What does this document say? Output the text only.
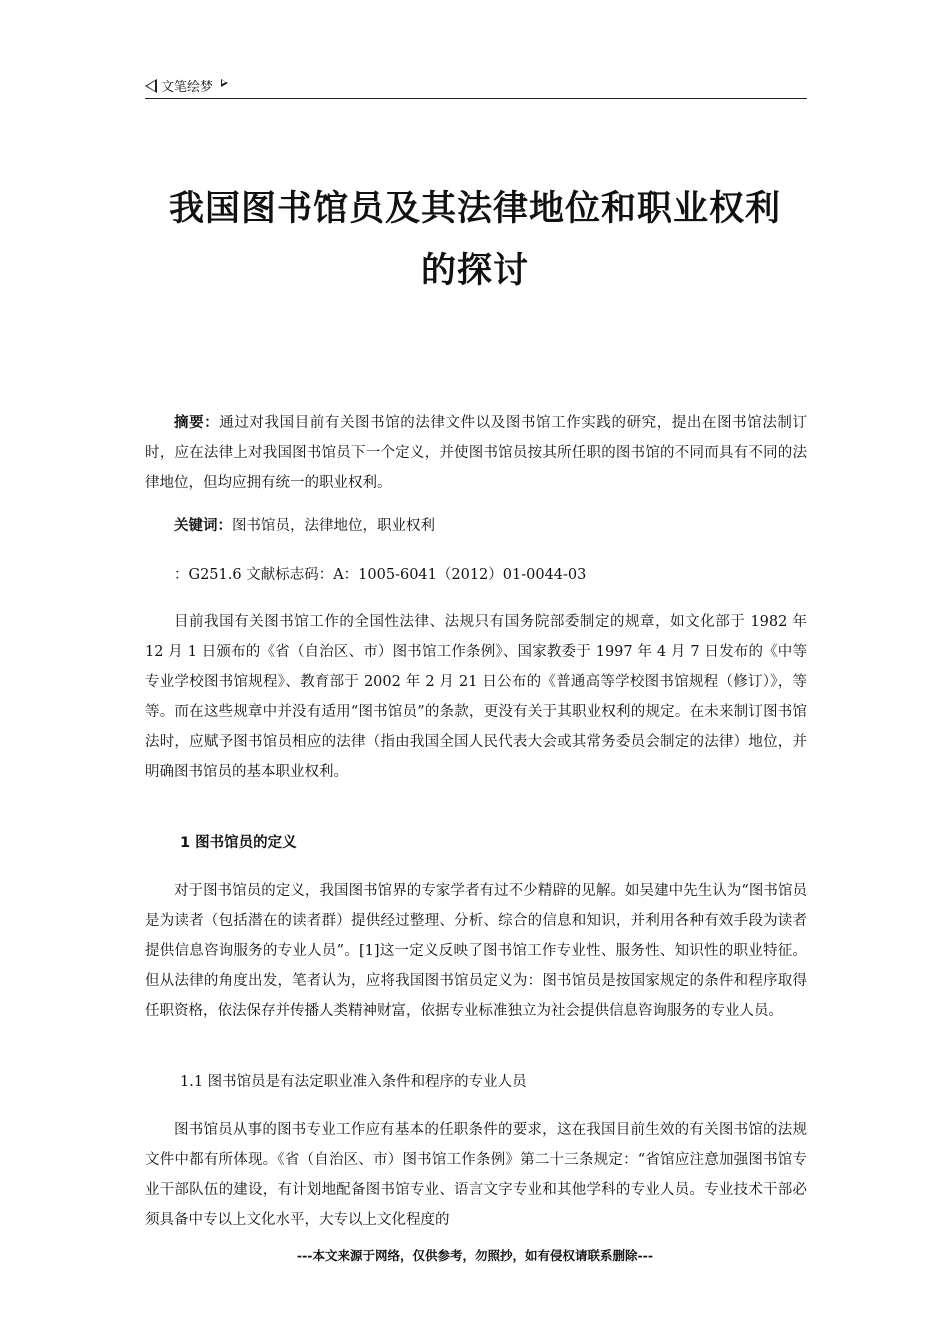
文笔绘梦
我国图书馆员及其法律地位和职业权利
的探讨

摘要：通过对我国目前有关图书馆的法律文件以及图书馆工作实践的研究，提出在图书馆法制订时，应在法律上对我国图书馆员下一个定义，并使图书馆员按其所任职的图书馆的不同而具有不同的法律地位，但均应拥有统一的职业权利。

关键词：图书馆员，法律地位，职业权利

：G251.6 文献标志码：A：1005-6041（2012）01-0044-03

目前我国有关图书馆工作的全国性法律、法规只有国务院部委制定的规章，如文化部于 1982 年 12 月 1 日颁布的《省（自治区、市）图书馆工作条例》、国家教委于 1997 年 4 月 7 日发布的《中等专业学校图书馆规程》、教育部于 2002 年 2 月 21 日公布的《普通高等学校图书馆规程（修订）》，等等。而在这些规章中并没有适用“图书馆员”的条款，更没有关于其职业权利的规定。在未来制订图书馆法时，应赋予图书馆员相应的法律（指由我国全国人民代表大会或其常务委员会制定的法律）地位，并明确图书馆员的基本职业权利。

1 图书馆员的定义

对于图书馆员的定义，我国图书馆界的专家学者有过不少精辟的见解。如吴建中先生认为“图书馆员是为读者（包括潜在的读者群）提供经过整理、分析、综合的信息和知识，并利用各种有效手段为读者提供信息咨询服务的专业人员”。[1]这一定义反映了图书馆工作专业性、服务性、知识性的职业特征。但从法律的角度出发，笔者认为，应将我国图书馆员定义为：图书馆员是按国家规定的条件和程序取得任职资格，依法保存并传播人类精神财富，依据专业标准独立为社会提供信息咨询服务的专业人员。

1.1 图书馆员是有法定职业准入条件和程序的专业人员

图书馆员从事的图书专业工作应有基本的任职条件的要求，这在我国目前生效的有关图书馆的法规文件中都有所体现。《省（自治区、市）图书馆工作条例》第二十三条规定：“省馆应注意加强图书馆专业干部队伍的建设，有计划地配备图书馆专业、语言文字专业和其他学科的专业人员。专业技术干部必须具备中专以上文化水平，大专以上文化程度的

---本文来源于网络，仅供参考，勿照抄，如有侵权请联系删除---
